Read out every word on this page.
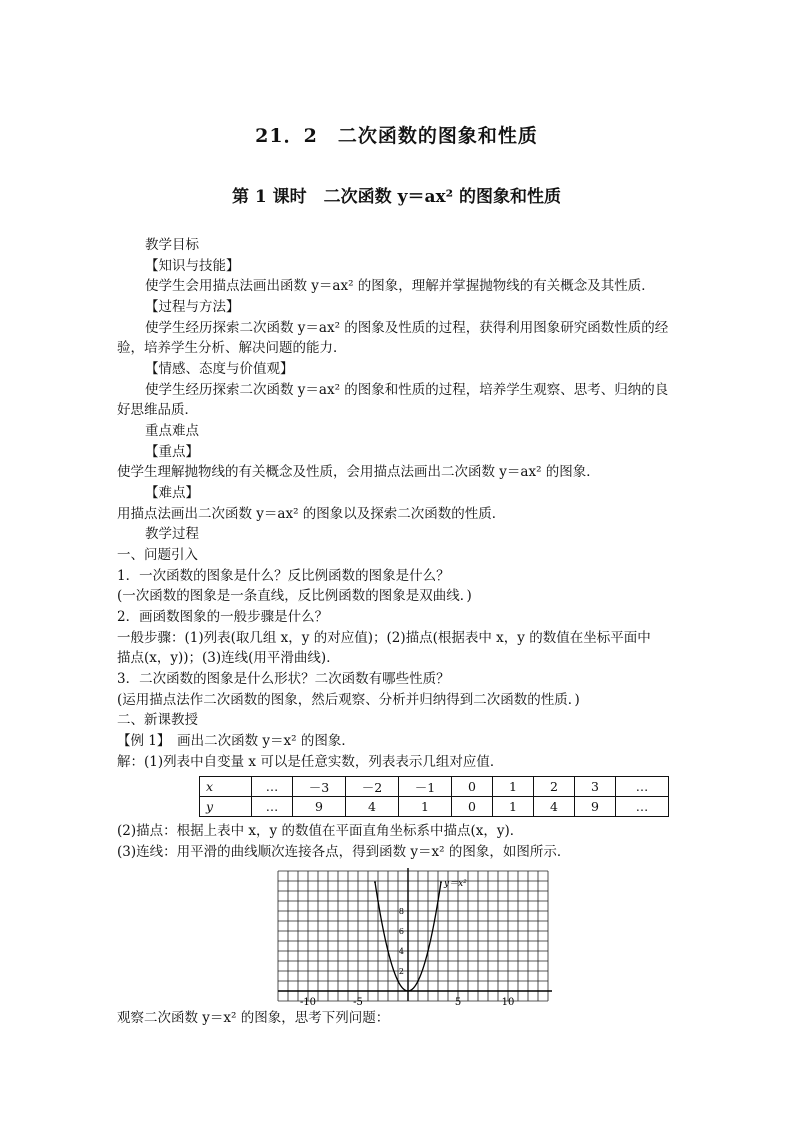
21．2　二次函数的图象和性质
第 1 课时　二次函数 y＝ax² 的图象和性质
教学目标
【知识与技能】
使学生会用描点法画出函数 y＝ax² 的图象，理解并掌握抛物线的有关概念及其性质．
【过程与方法】
使学生经历探索二次函数 y＝ax² 的图象及性质的过程，获得利用图象研究函数性质的经
验，培养学生分析、解决问题的能力．
【情感、态度与价值观】
使学生经历探索二次函数 y＝ax² 的图象和性质的过程，培养学生观察、思考、归纳的良
好思维品质．
重点难点
【重点】
使学生理解抛物线的有关概念及性质，会用描点法画出二次函数 y＝ax² 的图象．
【难点】
用描点法画出二次函数 y＝ax² 的图象以及探索二次函数的性质．
教学过程
一、问题引入
1．一次函数的图象是什么？反比例函数的图象是什么？
(一次函数的图象是一条直线，反比例函数的图象是双曲线．)
2．画函数图象的一般步骤是什么？
一般步骤：(1)列表(取几组 x，y 的对应值)；(2)描点(根据表中 x，y 的数值在坐标平面中
描点(x，y))；(3)连线(用平滑曲线)．
3．二次函数的图象是什么形状？二次函数有哪些性质？
(运用描点法作二次函数的图象，然后观察、分析并归纳得到二次函数的性质．)
二、新课教授
【例 1】　画出二次函数 y＝x² 的图象．
解：(1)列表中自变量 x 可以是任意实数，列表表示几组对应值．
x	…	－3	－2	－1	0	1	2	3	…
y	…	9	4	1	0	1	4	9	…
(2)描点：根据上表中 x，y 的数值在平面直角坐标系中描点(x，y)．
(3)连线：用平滑的曲线顺次连接各点，得到函数 y＝x² 的图象，如图所示．
y＝x²
-10	-5	5	10
2
4
6
8
观察二次函数 y＝x² 的图象，思考下列问题：
